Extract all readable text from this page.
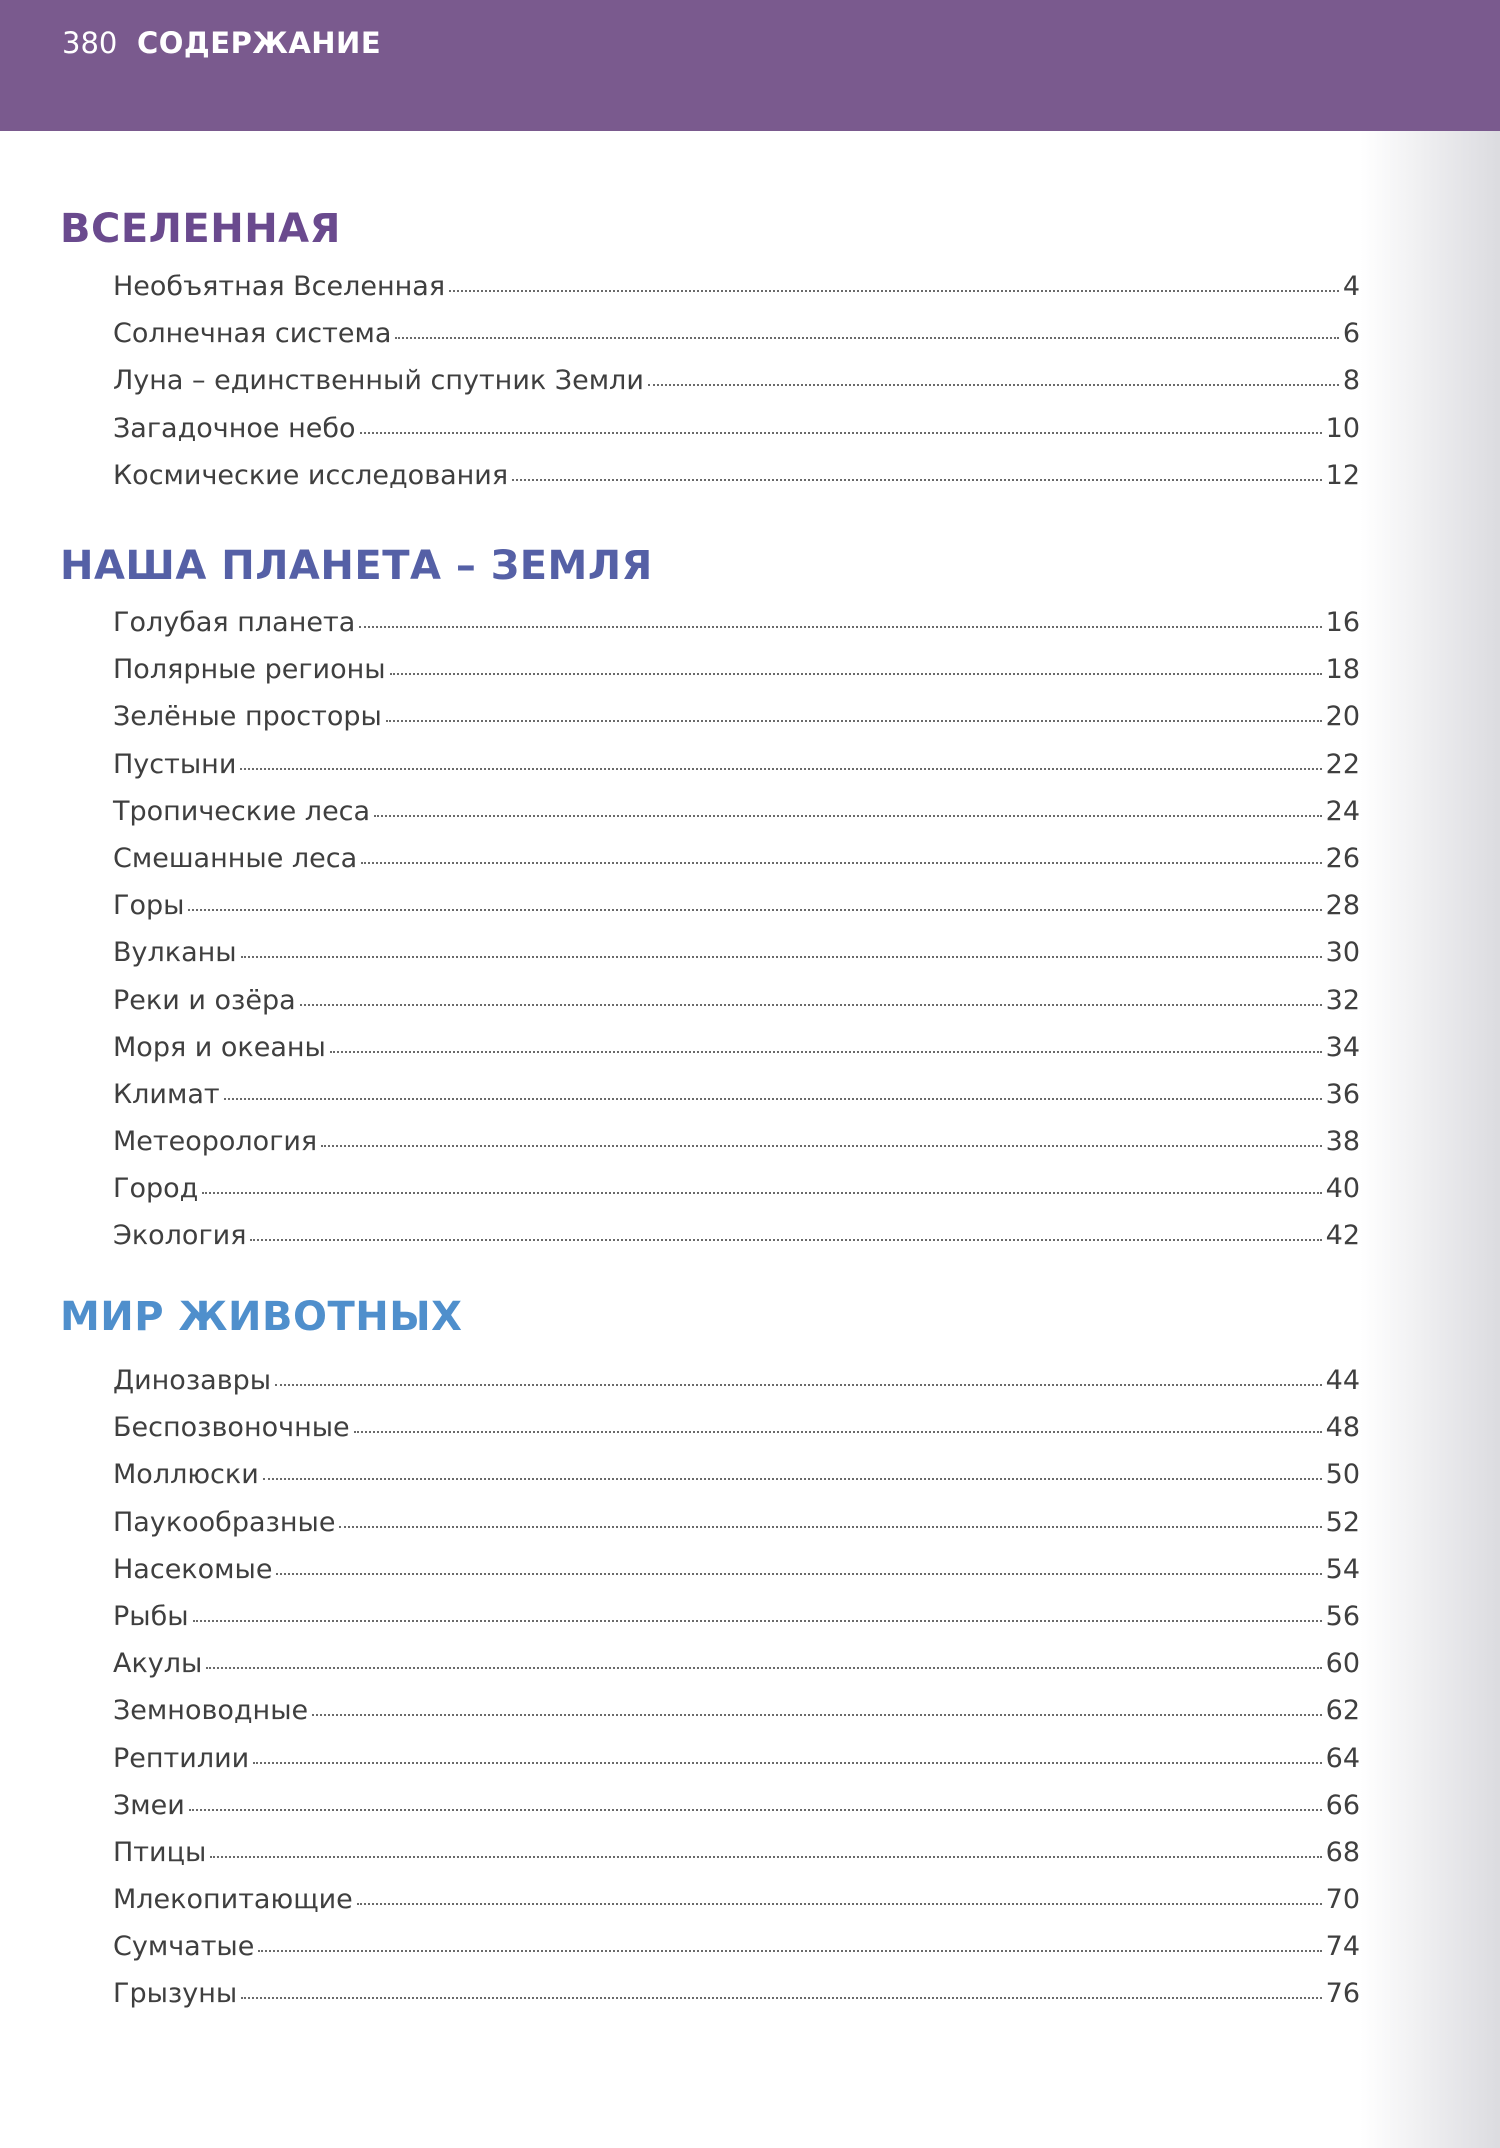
380 СОДЕРЖАНИЕ
ВСЕЛЕННАЯ
Необъятная Вселенная	4
Солнечная система	6
Луна – единственный спутник Земли	8
Загадочное небо	10
Космические исследования	12
НАША ПЛАНЕТА – ЗЕМЛЯ
Голубая планета	16
Полярные регионы	18
Зелёные просторы	20
Пустыни	22
Тропические леса	24
Смешанные леса	26
Горы	28
Вулканы	30
Реки и озёра	32
Моря и океаны	34
Климат	36
Метеорология	38
Город	40
Экология	42
МИР ЖИВОТНЫХ
Динозавры	44
Беспозвоночные	48
Моллюски	50
Паукообразные	52
Насекомые	54
Рыбы	56
Акулы	60
Земноводные	62
Рептилии	64
Змеи	66
Птицы	68
Млекопитающие	70
Сумчатые	74
Грызуны	76
